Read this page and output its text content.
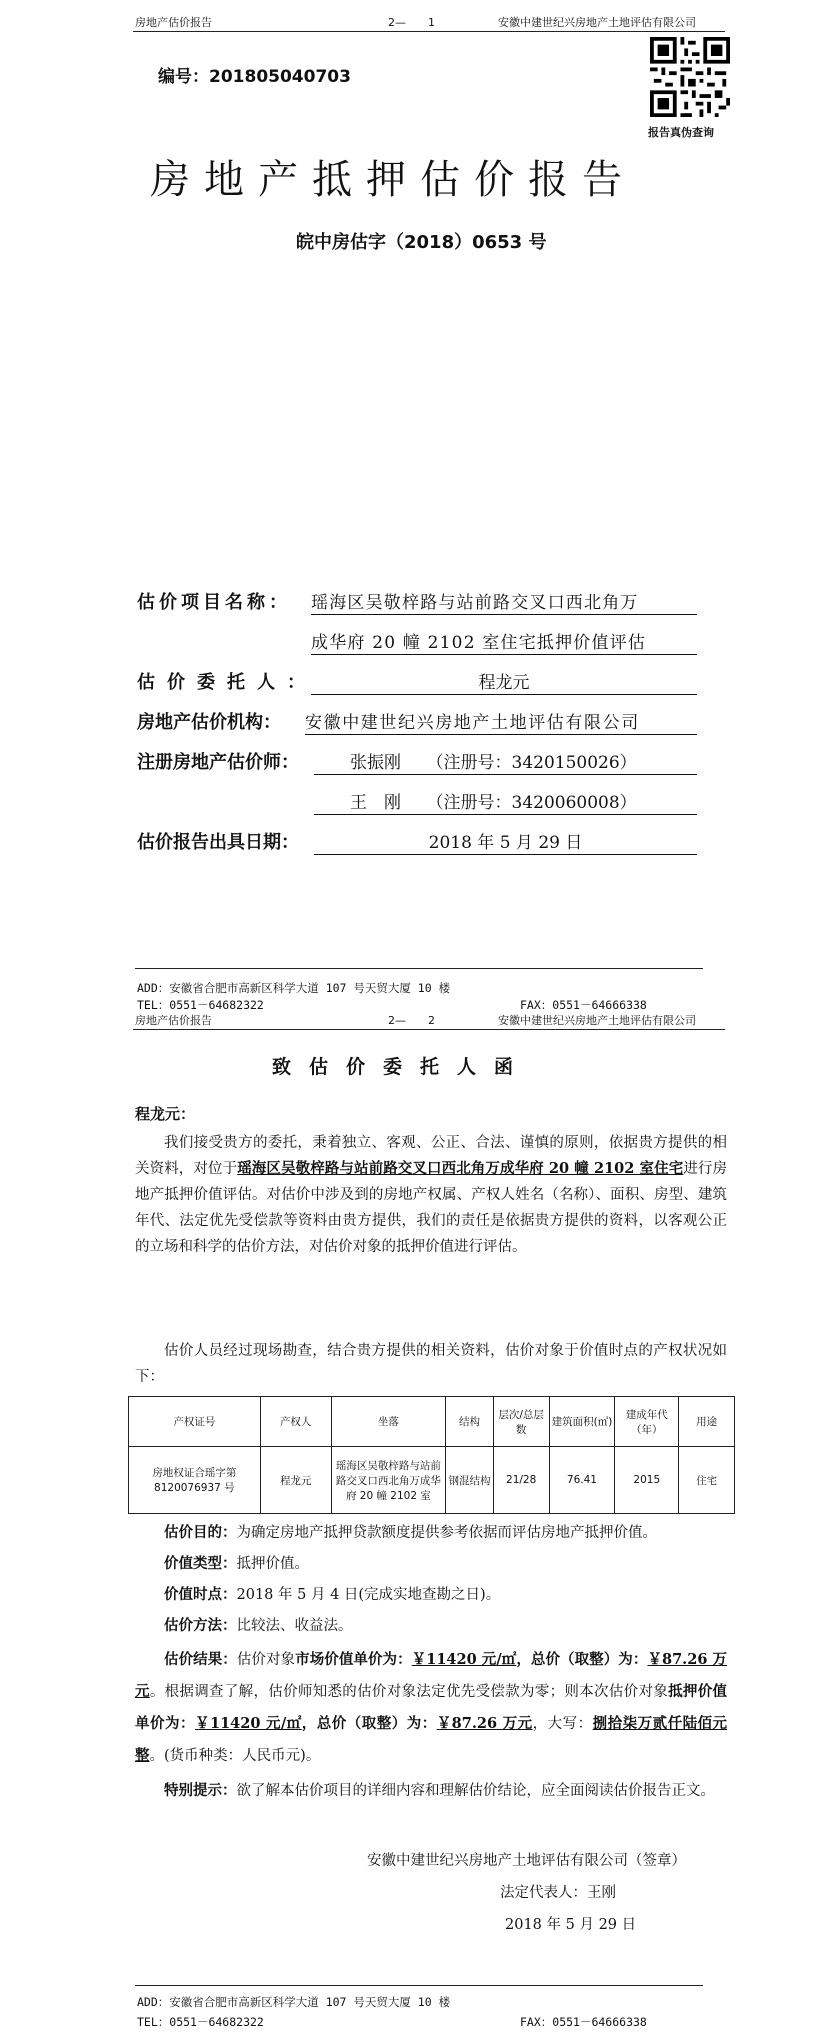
房地产估价报告	2—　　1	安徽中建世纪兴房地产土地评估有限公司
编号：201805040703
报告真伪查询
房地产抵押估价报告
皖中房估字（2018）0653 号
估价项目名称： 瑶海区吴敬梓路与站前路交叉口西北角万
成华府 20 幢 2102 室住宅抵押价值评估
估价委托人：	程龙元
房地产估价机构： 安徽中建世纪兴房地产土地评估有限公司
注册房地产估价师：	张振刚　　（注册号：3420150026）
王　刚　　（注册号：3420060008）
估价报告出具日期：	2018 年 5 月 29 日
ADD：安徽省合肥市高新区科学大道 107 号天贸大厦 10 楼
TEL：0551－64682322	FAX：0551－64666338
房地产估价报告	2—　　2	安徽中建世纪兴房地产土地评估有限公司
致估价委托人函
程龙元：
我们接受贵方的委托，秉着独立、客观、公正、合法、谨慎的原则，依据贵方提供的相关资料，对位于瑶海区吴敬梓路与站前路交叉口西北角万成华府 20 幢 2102 室住宅进行房地产抵押价值评估。对估价中涉及到的房地产权属、产权人姓名（名称）、面积、房型、建筑年代、法定优先受偿款等资料由贵方提供，我们的责任是依据贵方提供的资料，以客观公正的立场和科学的估价方法，对估价对象的抵押价值进行评估。
估价人员经过现场勘查，结合贵方提供的相关资料，估价对象于价值时点的产权状况如下：
产权证号	产权人	坐落	结构	层次/总层数	建筑面积(㎡)	建成年代（年）	用途
房地权证合瑶字第 8120076937 号	程龙元	瑶海区吴敬梓路与站前路交叉口西北角万成华府 20 幢 2102 室	钢混结构	21/28	76.41	2015	住宅
估价目的：为确定房地产抵押贷款额度提供参考依据而评估房地产抵押价值。
价值类型：抵押价值。
价值时点：2018 年 5 月 4 日(完成实地查勘之日)。
估价方法：比较法、收益法。
估价结果：估价对象市场价值单价为：￥11420 元/㎡，总价（取整）为：￥87.26 万元。根据调查了解，估价师知悉的估价对象法定优先受偿款为零；则本次估价对象抵押价值单价为：￥11420 元/㎡，总价（取整）为：￥87.26 万元，大写：捌拾柒万贰仟陆佰元整。(货币种类：人民币元)。
特别提示：欲了解本估价项目的详细内容和理解估价结论，应全面阅读估价报告正文。
安徽中建世纪兴房地产土地评估有限公司（签章）
法定代表人：王刚
2018 年 5 月 29 日
ADD：安徽省合肥市高新区科学大道 107 号天贸大厦 10 楼
TEL：0551－64682322	FAX：0551－64666338
